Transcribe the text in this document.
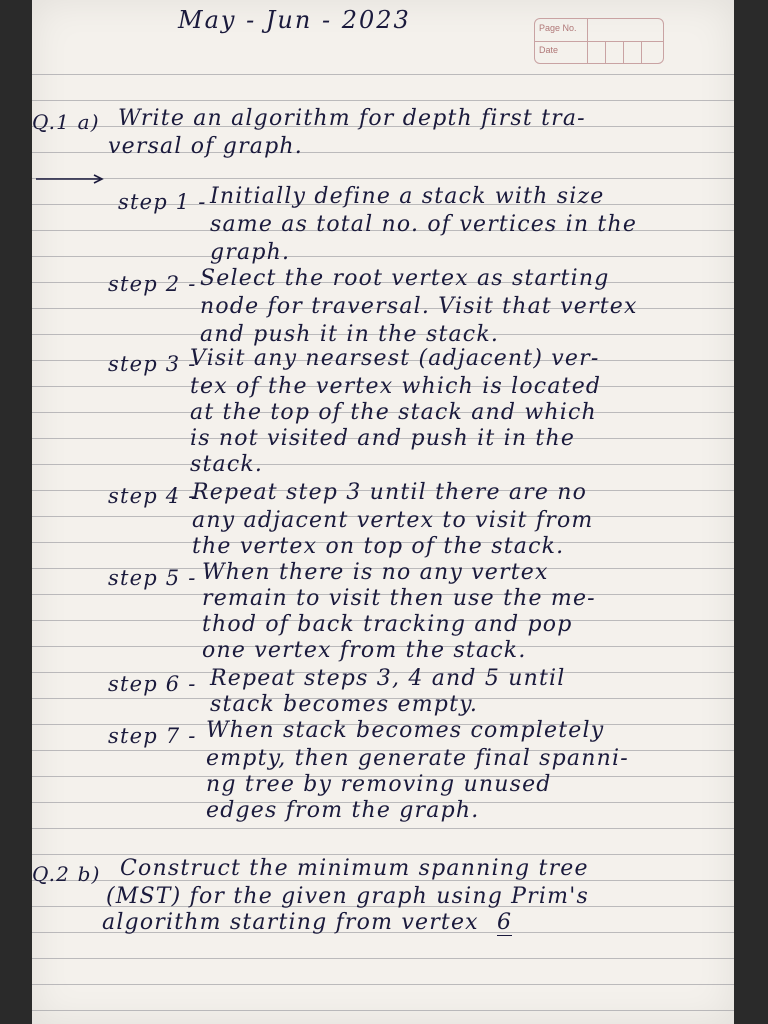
May - Jun - 2023	Page No.
Date
Q.1 a) Write an algorithm for depth first tra-
versal of graph.
step 1 - Initially define a stack with size
same as total no. of vertices in the
graph.
step 2 - Select the root vertex as starting
node for traversal. Visit that vertex
and push it in the stack.
step 3 -
Visit any nearsest (adjacent) ver-
tex of the vertex which is located
at the top of the stack and which
is not visited and push it in the
stack.
step 4 -
Repeat step 3 until there are no
any adjacent vertex to visit from
the vertex on top of the stack.
step 5 - When there is no any vertex
remain to visit then use the me-
thod of back tracking and pop
one vertex from the stack.
step 6 - Repeat steps 3, 4 and 5 until
stack becomes empty.
step 7 - When stack becomes completely
empty, then generate final spanni-
ng tree by removing unused
edges from the graph.
Q.2 b) Construct the minimum spanning tree
(MST) for the given graph using Prim's
algorithm starting from vertex 6
